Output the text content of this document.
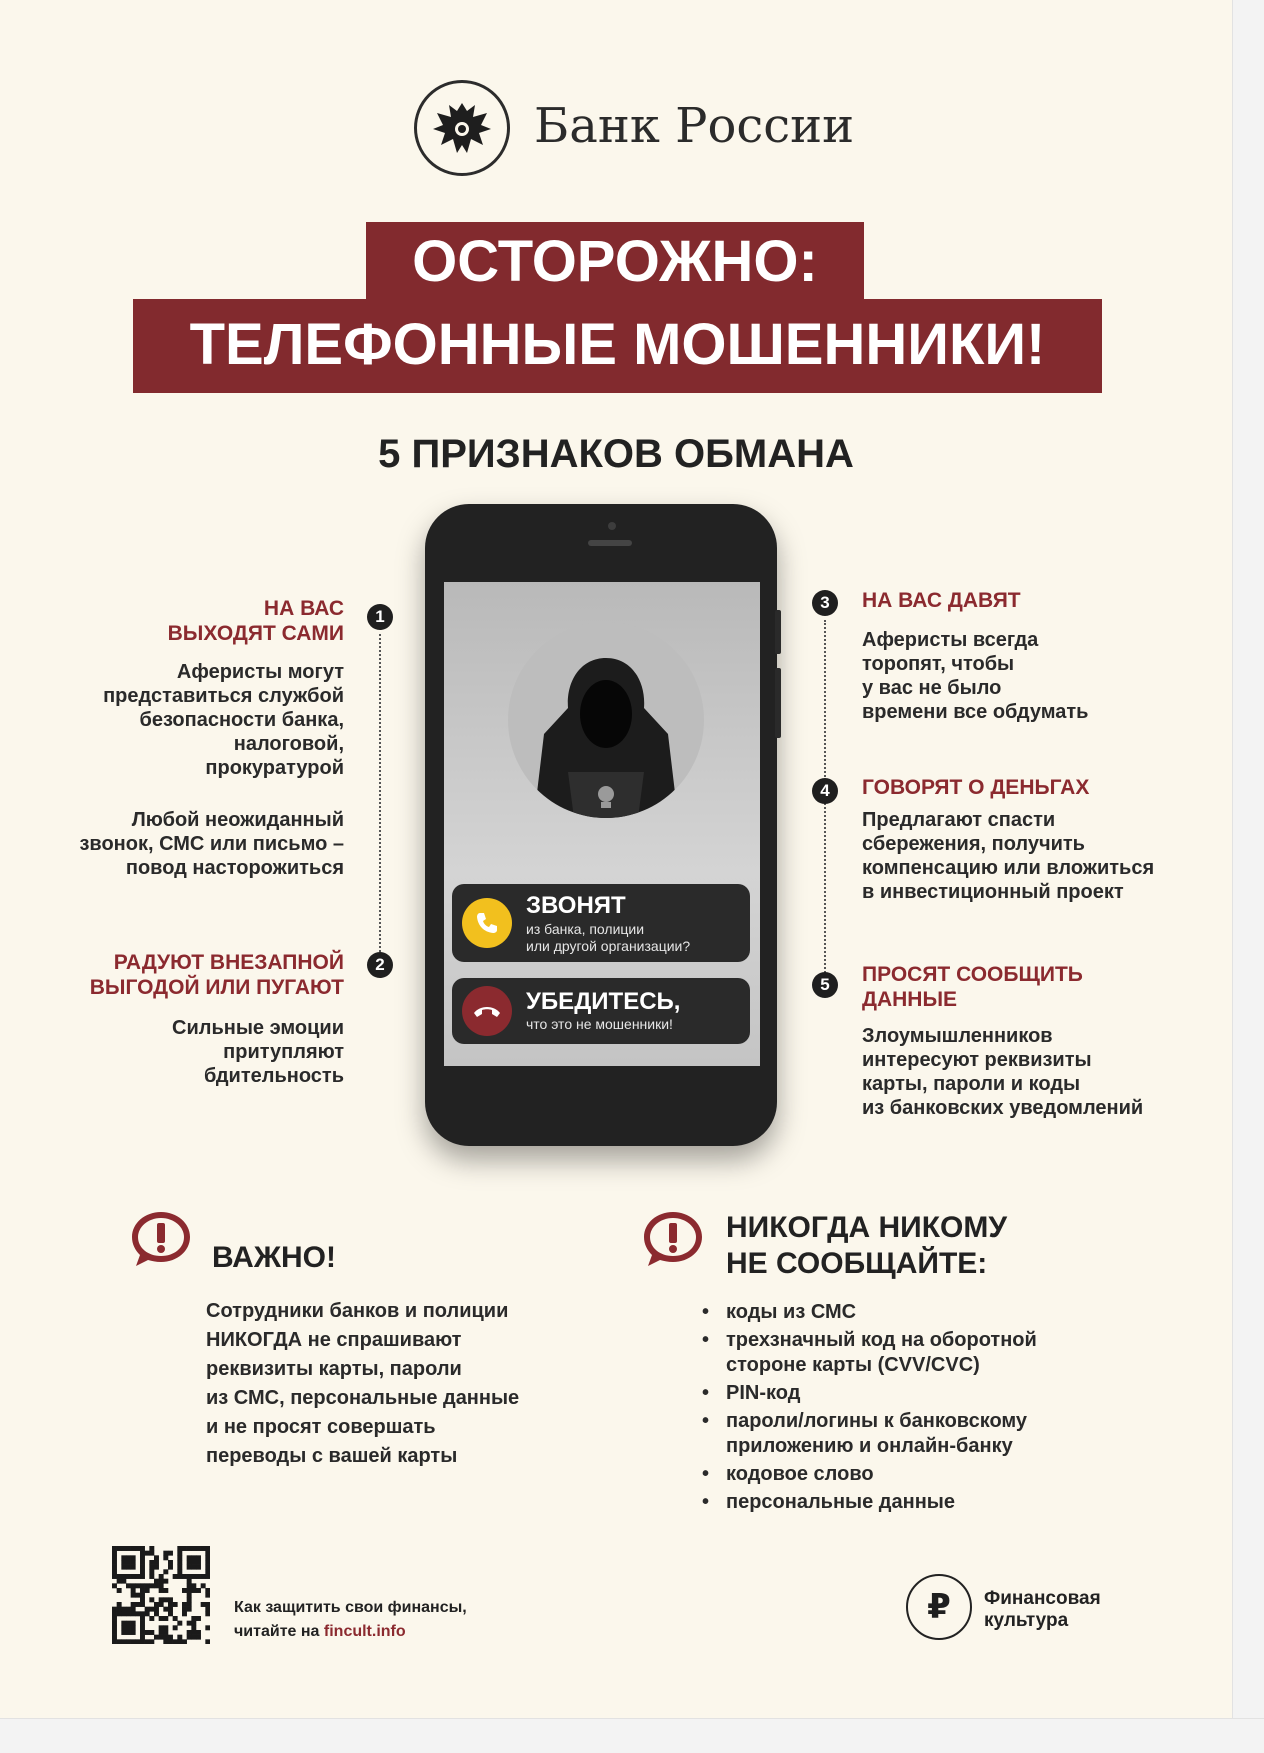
Банк России
ОСТОРОЖНО:
ТЕЛЕФОННЫЕ МОШЕННИКИ!
5 ПРИЗНАКОВ ОБМАНА
ЗВОНЯТ
из банка, полиции
или другой организации?
УБЕДИТЕСЬ,
что это не мошенники!
НА ВАС
ВЫХОДЯТ САМИ
1
Аферисты могут
представиться службой
безопасности банка,
налоговой,
прокуратурой
Любой неожиданный
звонок, СМС или письмо –
повод насторожиться
РАДУЮТ ВНЕЗАПНОЙ
ВЫГОДОЙ ИЛИ ПУГАЮТ
2
Сильные эмоции
притупляют
бдительность
3	НА ВАС ДАВЯТ
Аферисты всегда
торопят, чтобы
у вас не было
времени все обдумать
4	ГОВОРЯТ О ДЕНЬГАХ
Предлагают спасти
сбережения, получить
компенсацию или вложиться
в инвестиционный проект
5	ПРОСЯТ СООБЩИТЬ
ДАННЫЕ
Злоумышленников
интересуют реквизиты
карты, пароли и коды
из банковских уведомлений
ВАЖНО!
Сотрудники банков и полиции
НИКОГДА не спрашивают
реквизиты карты, пароли
из СМС, персональные данные
и не просят совершать
переводы с вашей карты
НИКОГДА НИКОМУ
НЕ СООБЩАЙТЕ:
• коды из СМС
• трехзначный код на оборотной
стороне карты (CVV/CVC)
• PIN-код
• пароли/логины к банковскому
приложению и онлайн-банку
• кодовое слово
• персональные данные
Как защитить свои финансы,
читайте на fincult.info
₽	Финансовая
культура
